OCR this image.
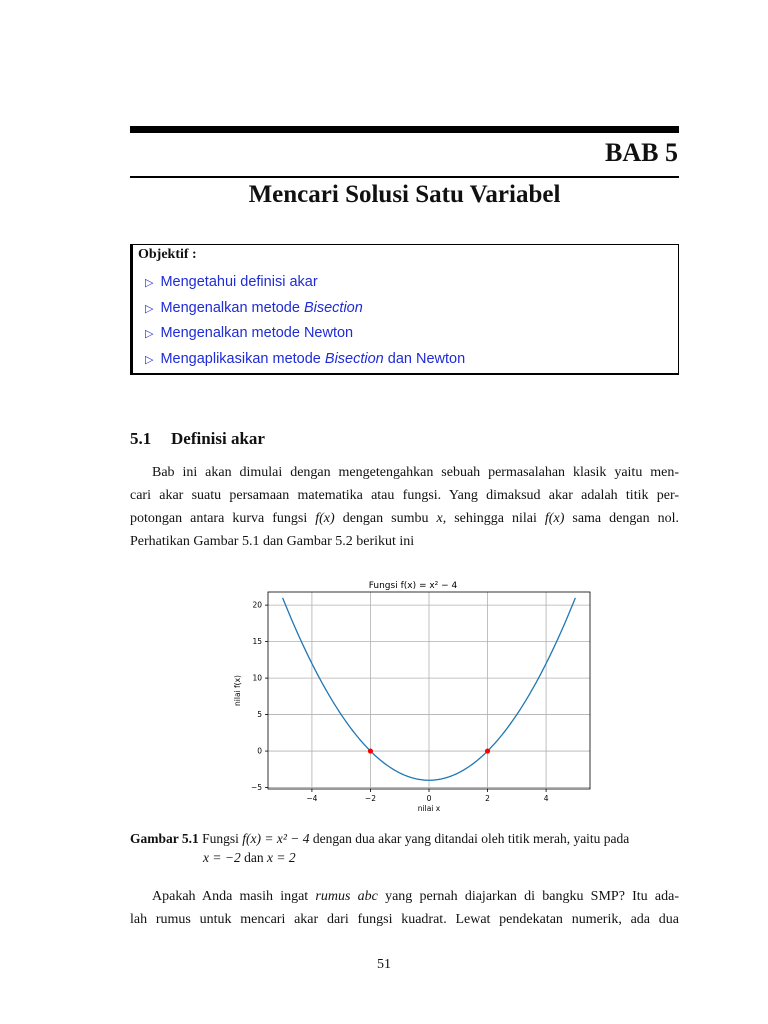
BAB 5
Mencari Solusi Satu Variabel
Objektif :
▷ Mengetahui definisi akar
▷ Mengenalkan metode Bisection
▷ Mengenalkan metode Newton
▷ Mengaplikasikan metode Bisection dan Newton
5.1 Definisi akar
Bab ini akan dimulai dengan mengetengahkan sebuah permasalahan klasik yaitu men-
cari akar suatu persamaan matematika atau fungsi. Yang dimaksud akar adalah titik per-
potongan antara kurva fungsi f(x) dengan sumbu x, sehingga nilai f(x) sama dengan nol.
Perhatikan Gambar 5.1 dan Gambar 5.2 berikut ini
Fungsi f(x) = x² − 4
−4	−2	0	2	4
−5
0
5
10
15
20
nilai x
nilai f(x)
Gambar 5.1 Fungsi f(x) = x² − 4 dengan dua akar yang ditandai oleh titik merah, yaitu pada
x = −2 dan x = 2
Apakah Anda masih ingat rumus abc yang pernah diajarkan di bangku SMP? Itu ada-
lah rumus untuk mencari akar dari fungsi kuadrat. Lewat pendekatan numerik, ada dua
51
